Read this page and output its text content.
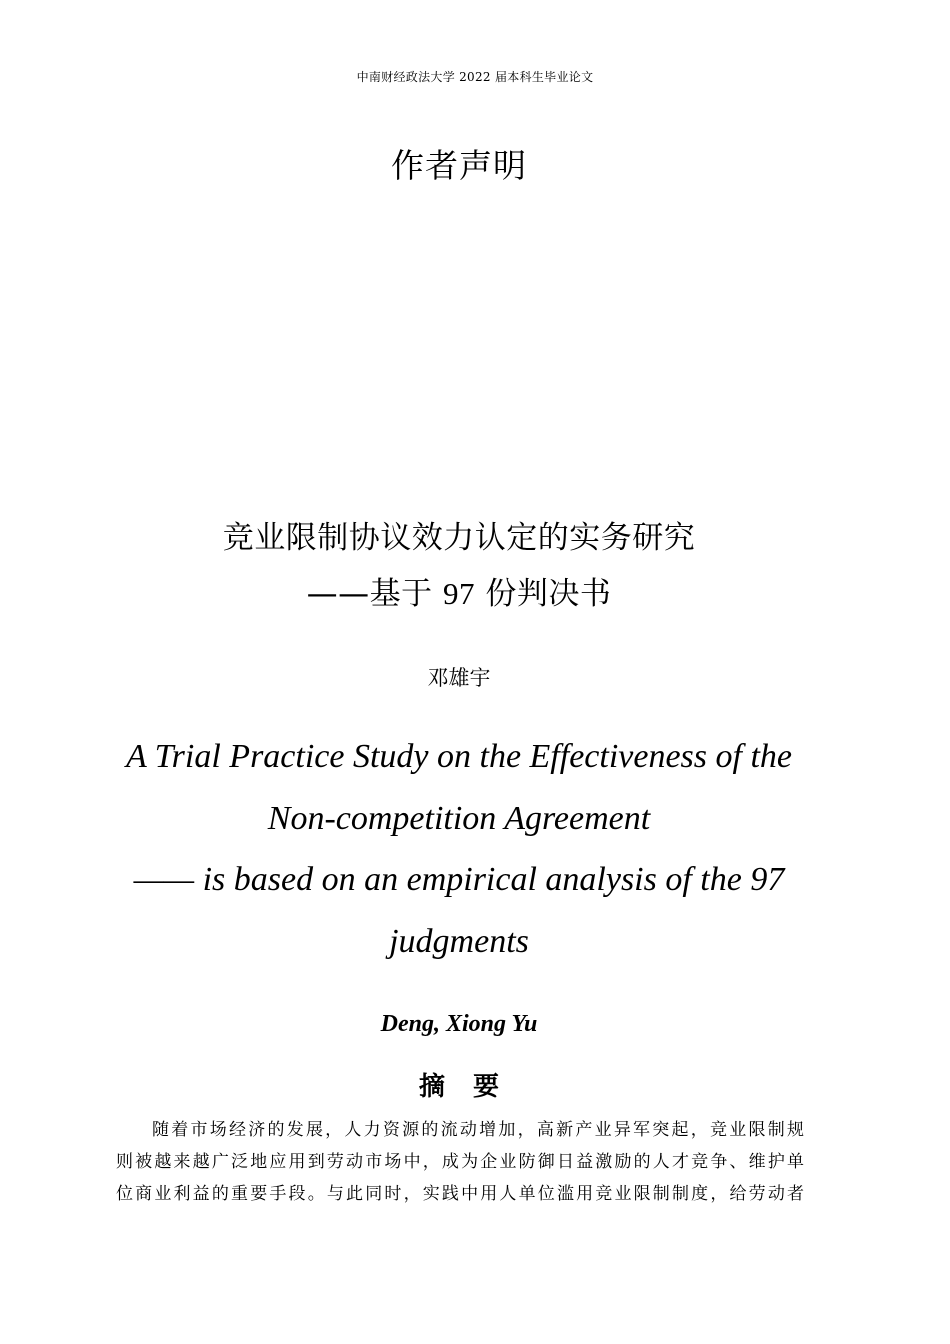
中南财经政法大学 2022 届本科生毕业论文
作者声明
竞业限制协议效力认定的实务研究
——基于 97 份判决书
邓雄宇
A Trial Practice Study on the Effectiveness of the
Non-competition Agreement
—— is based on an empirical analysis of the 97
judgments
Deng, Xiong Yu
摘要
随着市场经济的发展，人力资源的流动增加，高新产业异军突起，竞业限制规
则被越来越广泛地应用到劳动市场中，成为企业防御日益激励的人才竞争、维护单
位商业利益的重要手段。与此同时，实践中用人单位滥用竞业限制制度，给劳动者
